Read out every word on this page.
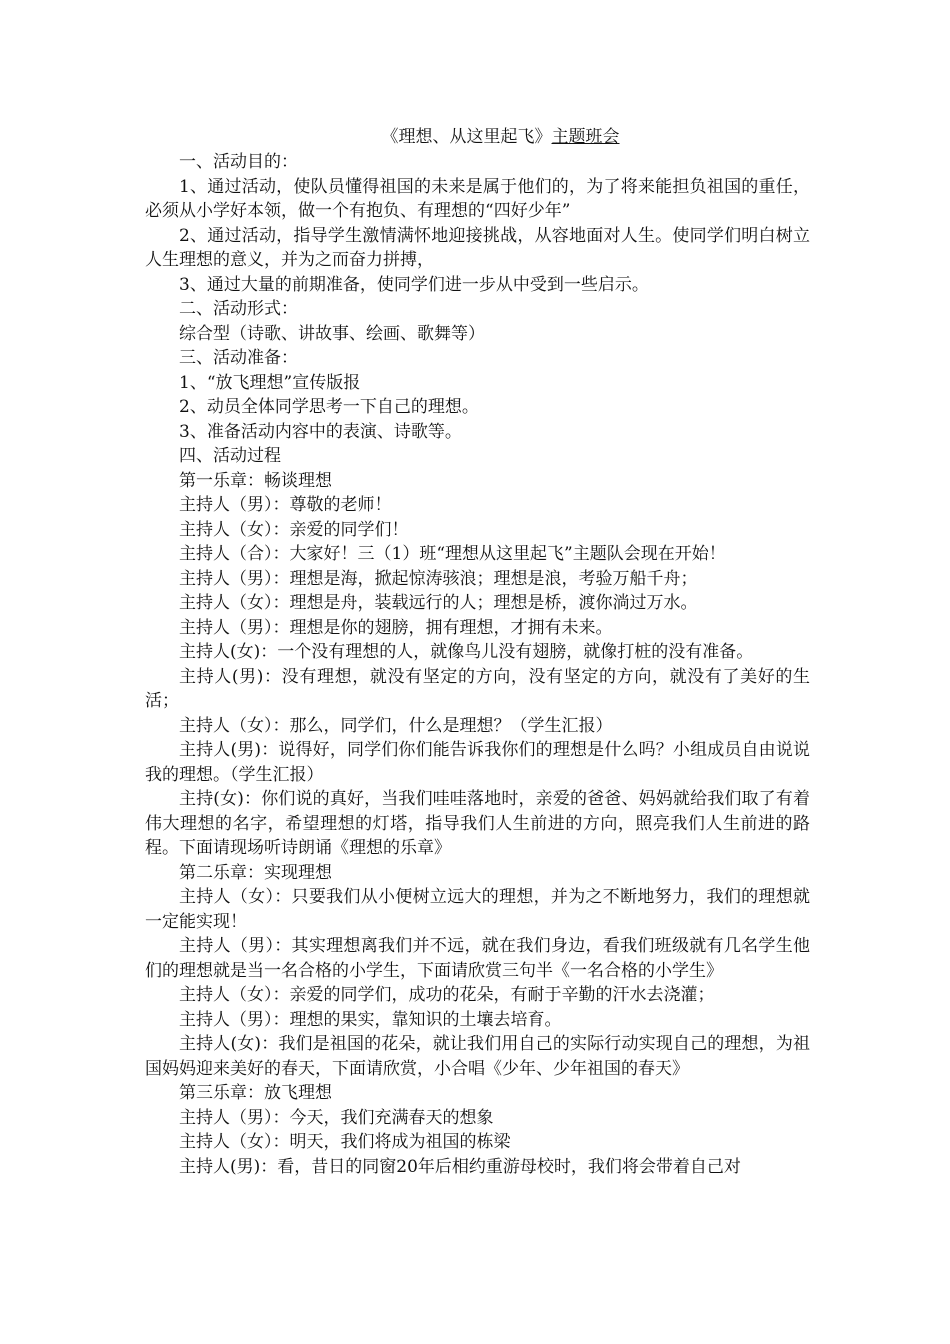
《理想、从这里起飞》主题班会

一、活动目的：

1、通过活动，使队员懂得祖国的未来是属于他们的，为了将来能担负祖国的重任，必须从小学好本领，做一个有抱负、有理想的“四好少年”

2、通过活动，指导学生激情满怀地迎接挑战，从容地面对人生。使同学们明白树立人生理想的意义，并为之而奋力拼搏，

3、通过大量的前期准备，使同学们进一步从中受到一些启示。

二、活动形式：

综合型（诗歌、讲故事、绘画、歌舞等）

三、活动准备：

1、“放飞理想”宣传版报

2、动员全体同学思考一下自己的理想。

3、准备活动内容中的表演、诗歌等。

四、活动过程

第一乐章：畅谈理想

主持人（男）：尊敬的老师！

主持人（女）：亲爱的同学们！

主持人（合）：大家好！三（1）班“理想从这里起飞”主题队会现在开始！

主持人（男）：理想是海，掀起惊涛骇浪；理想是浪，考验万船千舟；

主持人（女）：理想是舟，装载远行的人；理想是桥，渡你淌过万水。

主持人（男）：理想是你的翅膀，拥有理想，才拥有未来。

主持人(女)：一个没有理想的人，就像鸟儿没有翅膀，就像打桩的没有准备。

主持人(男)：没有理想，就没有坚定的方向，没有坚定的方向，就没有了美好的生活；

主持人（女）：那么，同学们，什么是理想？（学生汇报）

主持人(男)：说得好，同学们你们能告诉我你们的理想是什么吗？小组成员自由说说我的理想。（学生汇报）

主持(女)：你们说的真好，当我们哇哇落地时，亲爱的爸爸、妈妈就给我们取了有着伟大理想的名字，希望理想的灯塔，指导我们人生前进的方向，照亮我们人生前进的路程。下面请现场听诗朗诵《理想的乐章》

第二乐章：实现理想

主持人（女）：只要我们从小便树立远大的理想，并为之不断地努力，我们的理想就一定能实现！

主持人（男）：其实理想离我们并不远，就在我们身边，看我们班级就有几名学生他们的理想就是当一名合格的小学生，下面请欣赏三句半《一名合格的小学生》

主持人（女）：亲爱的同学们，成功的花朵，有耐于辛勤的汗水去浇灌；

主持人（男）：理想的果实，靠知识的土壤去培育。

主持人(女)：我们是祖国的花朵，就让我们用自己的实际行动实现自己的理想，为祖国妈妈迎来美好的春天，下面请欣赏，小合唱《少年、少年祖国的春天》

第三乐章：放飞理想

主持人（男）：今天，我们充满春天的想象

主持人（女）：明天，我们将成为祖国的栋梁

主持人(男)：看，昔日的同窗20年后相约重游母校时，我们将会带着自己对
